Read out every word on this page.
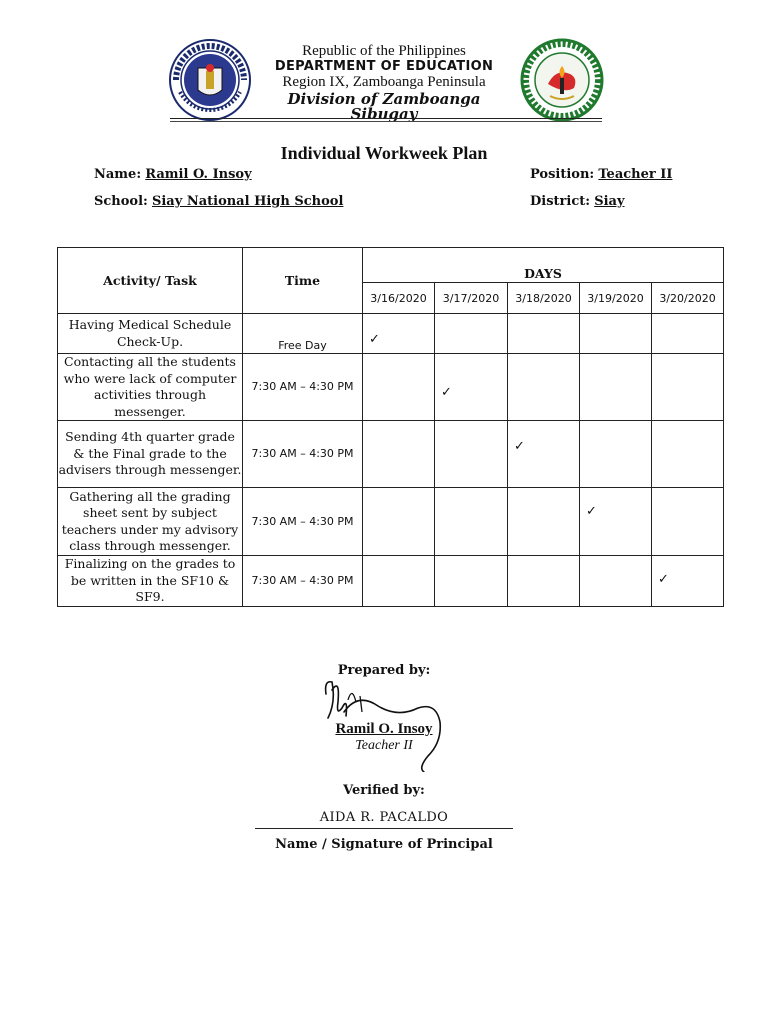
Republic of the Philippines
DEPARTMENT OF EDUCATION
Region IX, Zamboanga Peninsula
Division of Zamboanga Sibugay
Individual Workweek Plan
Name: Ramil O. Insoy	Position: Teacher II
School: Siay National High School	District: Siay
Activity/ Task	Time	DAYS				
		3/16/2020	3/17/2020	3/18/2020	3/19/2020	3/20/2020
Having Medical Schedule Check-Up.	Free Day	✓				

Contacting all the students who were lack of computer activities through messenger.	7:30 AM – 4:30 PM		✓			

Sending 4th quarter grade & the Final grade to the advisers through messenger.	7:30 AM – 4:30 PM			✓		

Gathering all the grading sheet sent by subject teachers under my advisory class through messenger.	7:30 AM – 4:30 PM				✓	

Finalizing on the grades to be written in the SF10 & SF9.	7:30 AM – 4:30 PM					✓
Prepared by:
Ramil O. Insoy
Teacher II
Verified by:
AIDA R. PACALDO
Name / Signature of Principal
